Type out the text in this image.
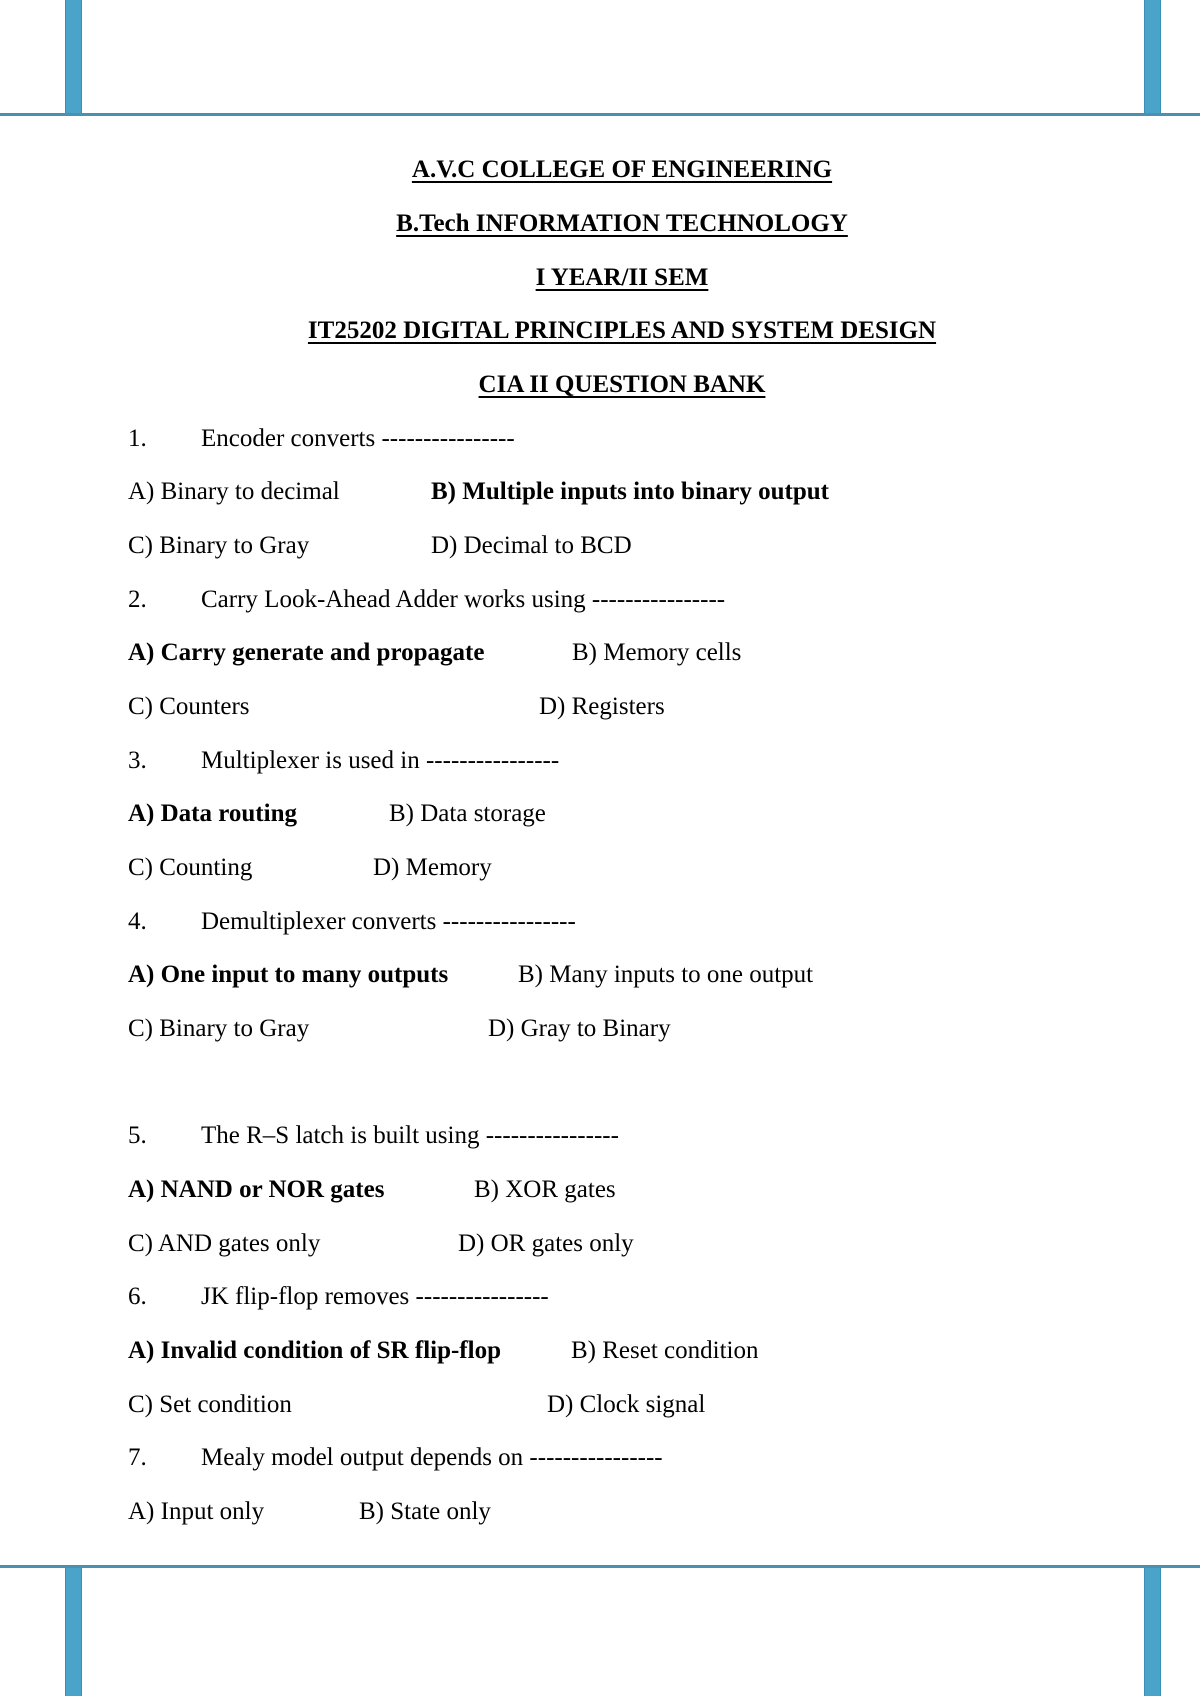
A.V.C COLLEGE OF ENGINEERING
B.Tech INFORMATION TECHNOLOGY
I YEAR/II SEM
IT25202 DIGITAL PRINCIPLES AND SYSTEM DESIGN
CIA II QUESTION BANK
1. Encoder converts ----------------
A) Binary to decimal	B) Multiple inputs into binary output
C) Binary to Gray	D) Decimal to BCD
2. Carry Look-Ahead Adder works using ----------------
A) Carry generate and propagate	B) Memory cells
C) Counters	D) Registers
3. Multiplexer is used in ----------------
A) Data routing	B) Data storage
C) Counting	D) Memory
4. Demultiplexer converts ----------------
A) One input to many outputs	B) Many inputs to one output
C) Binary to Gray	D) Gray to Binary
5. The R–S latch is built using ----------------
A) NAND or NOR gates	B) XOR gates
C) AND gates only	D) OR gates only
6. JK flip-flop removes ----------------
A) Invalid condition of SR flip-flop	B) Reset condition
C) Set condition	D) Clock signal
7. Mealy model output depends on ----------------
A) Input only	B) State only
